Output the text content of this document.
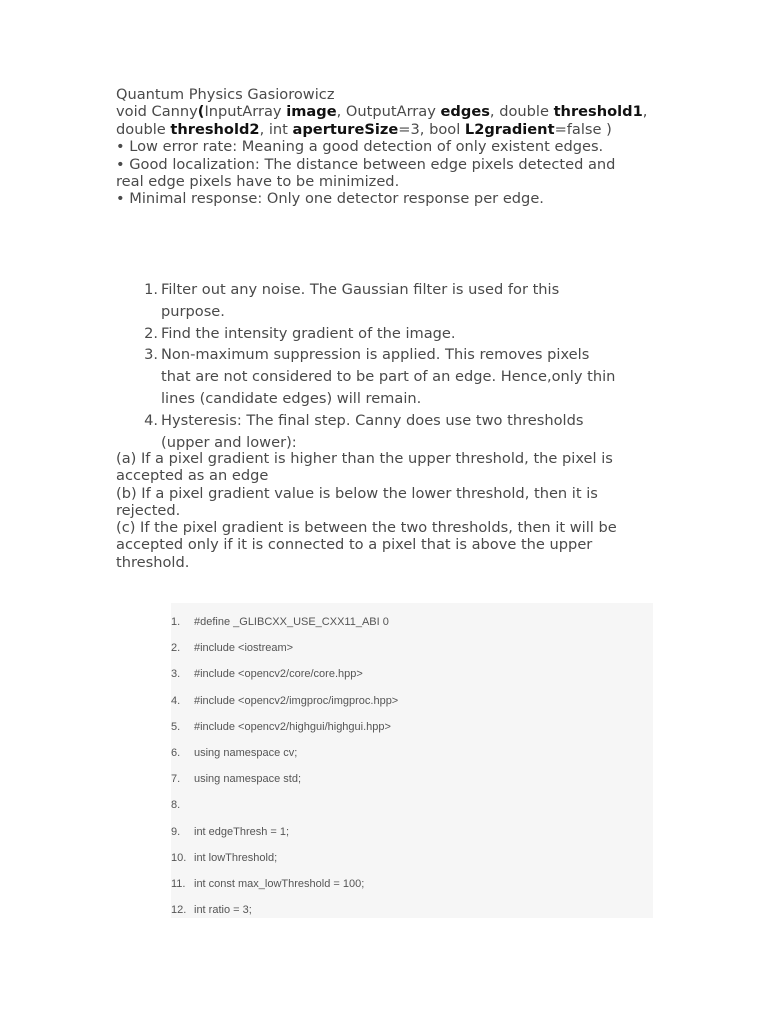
Quantum Physics Gasiorowicz
void Canny(InputArray image, OutputArray edges, double threshold1,
double threshold2, int apertureSize=3, bool L2gradient=false )
• Low error rate: Meaning a good detection of only existent edges.
• Good localization: The distance between edge pixels detected and
real edge pixels have to be minimized.
• Minimal response: Only one detector response per edge.
1. Filter out any noise. The Gaussian filter is used for this
purpose.
2. Find the intensity gradient of the image.
3. Non-maximum suppression is applied. This removes pixels
that are not considered to be part of an edge. Hence,only thin
lines (candidate edges) will remain.
4. Hysteresis: The final step. Canny does use two thresholds
(upper and lower):

(a) If a pixel gradient is higher than the upper threshold, the pixel is
accepted as an edge

(b) If a pixel gradient value is below the lower threshold, then it is
rejected.

(c) If the pixel gradient is between the two thresholds, then it will be
accepted only if it is connected to a pixel that is above the upper
threshold.

1. #define _GLIBCXX_USE_CXX11_ABI 0
2. #include <iostream>
3. #include <opencv2/core/core.hpp>
4. #include <opencv2/imgproc/imgproc.hpp>
5. #include <opencv2/highgui/highgui.hpp>
6. using namespace cv;
7. using namespace std;
8.
9. int edgeThresh = 1;
10. int lowThreshold;
11. int const max_lowThreshold = 100;
12. int ratio = 3;
